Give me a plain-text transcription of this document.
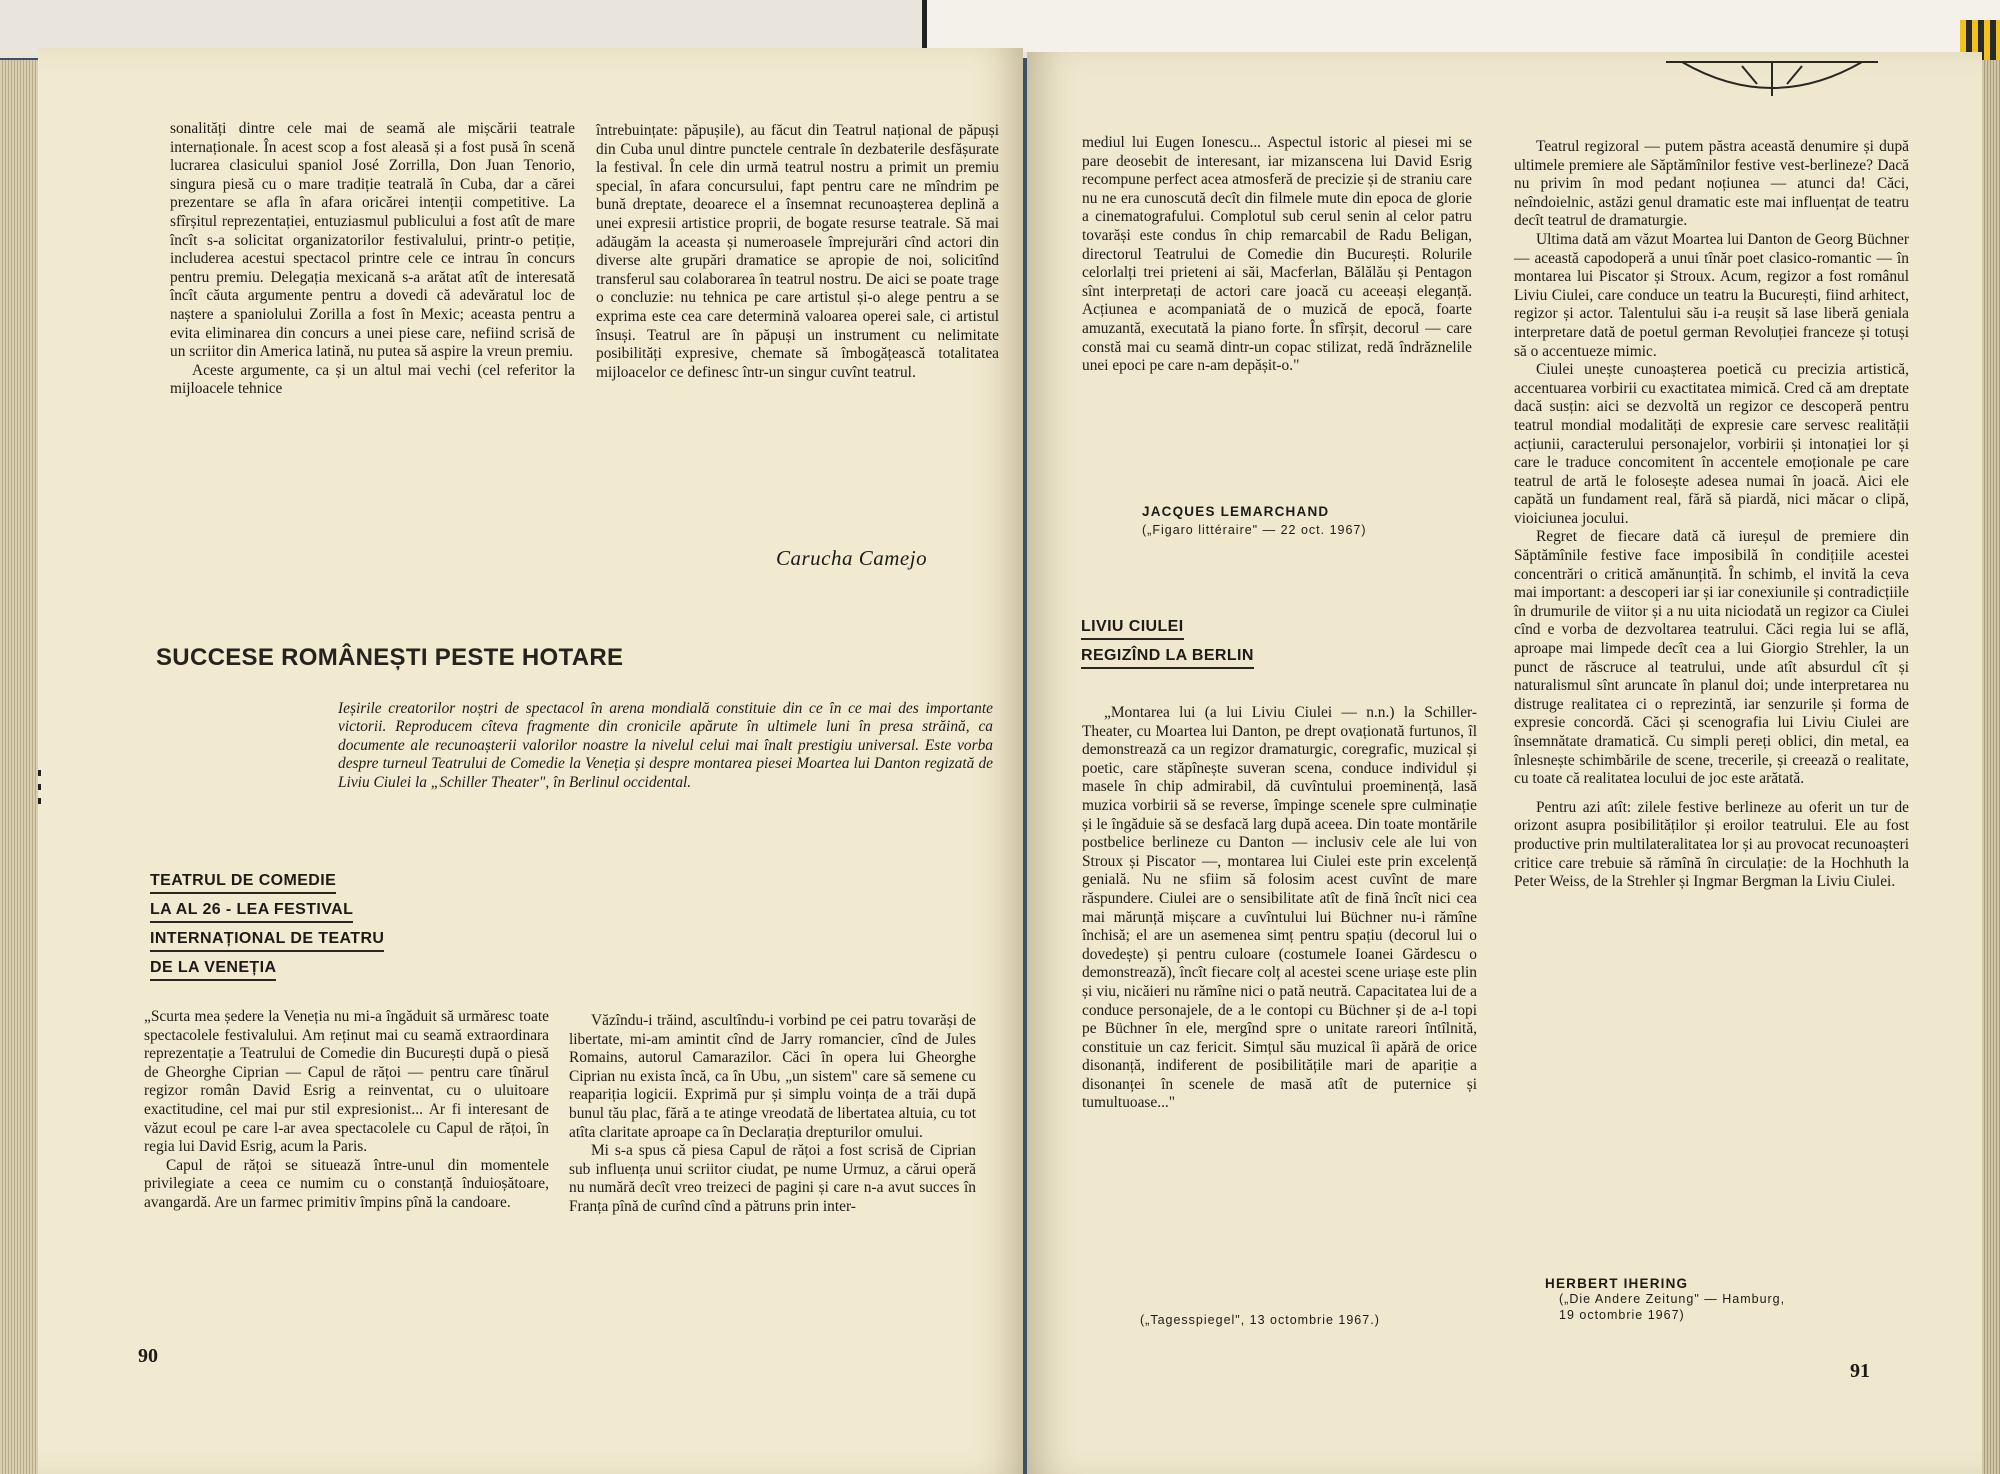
sonalități dintre cele mai de seamă ale mișcării teatrale internaționale. În acest scop a fost aleasă și a fost pusă în scenă lucrarea clasicului spaniol José Zorrilla, Don Juan Tenorio, singura piesă cu o mare tradiție teatrală în Cuba, dar a cărei prezentare se afla în afara oricărei intenții competitive. La sfîrșitul reprezentației, entuziasmul publicului a fost atît de mare încît s-a solicitat organizatorilor festivalului, printr-o petiție, includerea acestui spectacol printre cele ce intrau în concurs pentru premiu. Delegația mexicană s-a arătat atît de interesată încît căuta argumente pentru a dovedi că adevăratul loc de naștere a spaniolului Zorilla a fost în Mexic; aceasta pentru a evita eliminarea din concurs a unei piese care, nefiind scrisă de un scriitor din America latină, nu putea să aspire la vreun premiu.

Aceste argumente, ca și un altul mai vechi (cel referitor la mijloacele tehnice

întrebuințate: păpușile), au făcut din Teatrul național de păpuși din Cuba unul dintre punctele centrale în dezbaterile desfășurate la festival. În cele din urmă teatrul nostru a primit un premiu special, în afara concursului, fapt pentru care ne mîndrim pe bună dreptate, deoarece el a însemnat recunoașterea deplină a unei expresii artistice proprii, de bogate resurse teatrale. Să mai adăugăm la aceasta și numeroasele împrejurări cînd actori din diverse alte grupări dramatice se apropie de noi, solicitînd transferul sau colaborarea în teatrul nostru. De aici se poate trage o concluzie: nu tehnica pe care artistul și-o alege pentru a se exprima este cea care determină valoarea operei sale, ci artistul însuși. Teatrul are în păpuși un instrument cu nelimitate posibilități expresive, chemate să îmbogățească totalitatea mijloacelor ce definesc într-un singur cuvînt teatrul.

Carucha Camejo
SUCCESE ROMÂNEȘTI PESTE HOTARE
Ieșirile creatorilor noștri de spectacol în arena mondială constituie din ce în ce mai des importante victorii. Reproducem cîteva fragmente din cronicile apărute în ultimele luni în presa străină, ca documente ale recunoașterii valorilor noastre la nivelul celui mai înalt prestigiu universal. Este vorba despre turneul Teatrului de Comedie la Veneția și despre montarea piesei Moartea lui Danton regizată de Liviu Ciulei la „Schiller Theater", în Berlinul occidental.
TEATRUL DE COMEDIE
LA AL 26 - LEA FESTIVAL
INTERNAȚIONAL DE TEATRU
DE LA VENEȚIA

„Scurta mea ședere la Veneția nu mi-a îngăduit să urmăresc toate spectacolele festivalului. Am reținut mai cu seamă extraordinara reprezentație a Teatrului de Comedie din București după o piesă de Gheorghe Ciprian — Capul de rățoi — pentru care tînărul regizor român David Esrig a reinventat, cu o uluitoare exactitudine, cel mai pur stil expresionist... Ar fi interesant de văzut ecoul pe care l-ar avea spectacolele cu Capul de rățoi, în regia lui David Esrig, acum la Paris.

Capul de rățoi se situează între-unul din momentele privilegiate a ceea ce numim cu o constanță înduioșătoare, avangardă. Are un farmec primitiv împins pînă la candoare.

Văzîndu-i trăind, ascultîndu-i vorbind pe cei patru tovarăși de libertate, mi-am amintit cînd de Jarry romancier, cînd de Jules Romains, autorul Camarazilor. Căci în opera lui Gheorghe Ciprian nu exista încă, ca în Ubu, „un sistem" care să semene cu reapariția logicii. Exprimă pur și simplu voința de a trăi după bunul tău plac, fără a te atinge vreodată de libertatea altuia, cu tot atîta claritate aproape ca în Declarația drepturilor omului.

Mi s-a spus că piesa Capul de rățoi a fost scrisă de Ciprian sub influența unui scriitor ciudat, pe nume Urmuz, a cărui operă nu numără decît vreo treizeci de pagini și care n-a avut succes în Franța pînă de curînd cînd a pătruns prin inter-

90

mediul lui Eugen Ionescu... Aspectul istoric al piesei mi se pare deosebit de interesant, iar mizanscena lui David Esrig recompune perfect acea atmosferă de precizie și de straniu care nu ne era cunoscută decît din filmele mute din epoca de glorie a cinematografului. Complotul sub cerul senin al celor patru tovarăși este condus în chip remarcabil de Radu Beligan, directorul Teatrului de Comedie din București. Rolurile celorlalți trei prieteni ai săi, Macferlan, Bălălău și Pentagon sînt interpretați de actori care joacă cu aceeași eleganță. Acțiunea e acompaniată de o muzică de epocă, foarte amuzantă, executată la piano forte. În sfîrșit, decorul — care constă mai cu seamă dintr-un copac stilizat, redă îndrăznelile unei epoci pe care n-am depășit-o."

JACQUES LEMARCHAND
(„Figaro littéraire" — 22 oct. 1967)
LIVIU CIULEI
REGIZÎND LA BERLIN

„Montarea lui (a lui Liviu Ciulei — n.n.) la Schiller-Theater, cu Moartea lui Danton, pe drept ovaționată furtunos, îl demonstrează ca un regizor dramaturgic, coregrafic, muzical și poetic, care stăpînește suveran scena, conduce individul și masele în chip admirabil, dă cuvîntului proeminență, lasă muzica vorbirii să se reverse, împinge scenele spre culminație și le îngăduie să se desfacă larg după aceea. Din toate montările postbelice berlineze cu Danton — inclusiv cele ale lui von Stroux și Piscator —, montarea lui Ciulei este prin excelență genială. Nu ne sfiim să folosim acest cuvînt de mare răspundere. Ciulei are o sensibilitate atît de fină încît nici cea mai mărunță mișcare a cuvîntului lui Büchner nu-i rămîne închisă; el are un asemenea simț pentru spațiu (decorul lui o dovedește) și pentru culoare (costumele Ioanei Gărdescu o demonstrează), încît fiecare colț al acestei scene uriașe este plin și viu, nicăieri nu rămîne nici o pată neutră. Capacitatea lui de a conduce personajele, de a le contopi cu Büchner și de a-l topi pe Büchner în ele, mergînd spre o unitate rareori întîlnită, constituie un caz fericit. Simțul său muzical îi apără de orice disonanță, indiferent de posibilitățile mari de apariție a disonanței în scenele de masă atît de puternice și tumultuoase..."

(„Tagesspiegel", 13 octombrie 1967.)

Teatrul regizoral — putem păstra această denumire și după ultimele premiere ale Săptămînilor festive vest-berlineze? Dacă nu privim în mod pedant noțiunea — atunci da! Căci, neîndoielnic, astăzi genul dramatic este mai influențat de teatru decît teatrul de dramaturgie.

Ultima dată am văzut Moartea lui Danton de Georg Büchner — această capodoperă a unui tînăr poet clasico-romantic — în montarea lui Piscator și Stroux. Acum, regizor a fost românul Liviu Ciulei, care conduce un teatru la București, fiind arhitect, regizor și actor. Talentului său i-a reușit să lase liberă geniala interpretare dată de poetul german Revoluției franceze și totuși să o accentueze mimic.

Ciulei unește cunoașterea poetică cu precizia artistică, accentuarea vorbirii cu exactitatea mimică. Cred că am dreptate dacă susțin: aici se dezvoltă un regizor ce descoperă pentru teatrul mondial modalități de expresie care servesc realității acțiunii, caracterului personajelor, vorbirii și intonației lor și care le traduce concomitent în accentele emoționale pe care teatrul de artă le folosește adesea numai în joacă. Aici ele capătă un fundament real, fără să piardă, nici măcar o clipă, vioiciunea jocului.

Regret de fiecare dată că iureșul de premiere din Săptămînile festive face imposibilă în condițiile acestei concentrări o critică amănunțită. În schimb, el invită la ceva mai important: a descoperi iar și iar conexiunile și contradicțiile în drumurile de viitor și a nu uita niciodată un regizor ca Ciulei cînd e vorba de dezvoltarea teatrului. Căci regia lui se află, aproape mai limpede decît cea a lui Giorgio Strehler, la un punct de răscruce al teatrului, unde atît absurdul cît și naturalismul sînt aruncate în planul doi; unde interpretarea nu distruge realitatea ci o reprezintă, iar senzurile și forma de expresie concordă. Căci și scenografia lui Liviu Ciulei are însemnătate dramatică. Cu simpli pereți oblici, din metal, ea înlesnește schimbările de scene, trecerile, și creează o realitate, cu toate că realitatea locului de joc este arătată.

Pentru azi atît: zilele festive berlineze au oferit un tur de orizont asupra posibilităților și eroilor teatrului. Ele au fost productive prin multilateralitatea lor și au provocat recunoașteri critice care trebuie să rămînă în circulație: de la Hochhuth la Peter Weiss, de la Strehler și Ingmar Bergman la Liviu Ciulei.

HERBERT IHERING
(„Die Andere Zeitung" — Hamburg,
19 octombrie 1967)
91
